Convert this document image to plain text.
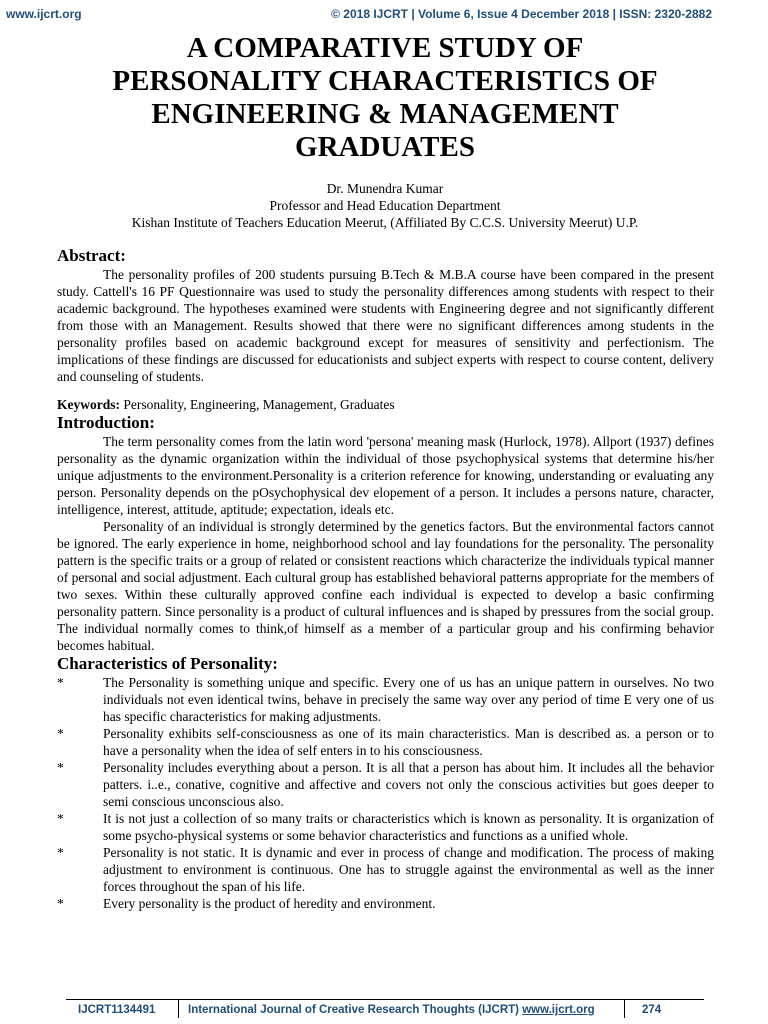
www.ijcrt.org	© 2018 IJCRT | Volume 6, Issue 4 December 2018 | ISSN: 2320-2882
A COMPARATIVE STUDY OF
PERSONALITY CHARACTERISTICS OF
ENGINEERING & MANAGEMENT
GRADUATES
Dr. Munendra Kumar
Professor and Head Education Department
Kishan Institute of Teachers Education Meerut, (Affiliated By C.C.S. University Meerut) U.P.
Abstract:

The personality profiles of 200 students pursuing B.Tech & M.B.A course have been compared in the present study. Cattell's 16 PF Questionnaire was used to study the personality differences among students with respect to their academic background. The hypotheses examined were students with Engineering degree and not significantly different from those with an Management. Results showed that there were no significant differences among students in the personality profiles based on academic background except for measures of sensitivity and perfectionism. The implications of these findings are discussed for educationists and subject experts with respect to course content, delivery and counseling of students.

Keywords: Personality, Engineering, Management, Graduates

Introduction:

The term personality comes from the latin word 'persona' meaning mask (Hurlock, 1978). Allport (1937) defines personality as the dynamic organization within the individual of those psychophysical systems that determine his/her unique adjustments to the environment.Personality is a criterion reference for knowing, understanding or evaluating any person. Personality depends on the pOsychophysical dev elopement of a person. It includes a persons nature, character, intelligence, interest, attitude, aptitude; expectation, ideals etc.

Personality of an individual is strongly determined by the genetics factors. But the environmental factors cannot be ignored. The early experience in home, neighborhood school and lay foundations for the personality. The personality pattern is the specific traits or a group of related or consistent reactions which characterize the individuals typical manner of personal and social adjustment. Each cultural group has established behavioral patterns appropriate for the members of two sexes. Within these culturally approved confine each individual is expected to develop a basic confirming personality pattern. Since personality is a product of cultural influences and is shaped by pressures from the social group. The individual normally comes to think,of himself as a member of a particular group and his confirming behavior becomes habitual.

Characteristics of Personality:
*	The Personality is something unique and specific. Every one of us has an unique pattern in ourselves. No two individuals not even identical twins, behave in precisely the same way over any period of time E very one of us has specific characteristics for making adjustments.
*	Personality exhibits self-consciousness as one of its main characteristics. Man is described as. a person or to have a personality when the idea of self enters in to his consciousness.
*	Personality includes everything about a person. It is all that a person has about him. It includes all the behavior patters. i..e., conative, cognitive and affective and covers not only the conscious activities but goes deeper to semi conscious unconscious also.
*	It is not just a collection of so many traits or characteristics which is known as personality. It is organization of some psycho-physical systems or some behavior characteristics and functions as a unified whole.
*	Personality is not static. It is dynamic and ever in process of change and modification. The process of making adjustment to environment is continuous. One has to struggle against the environmental as well as the inner forces throughout the span of his life.
*	Every personality is the product of heredity and environment.
IJCRT1134491	International Journal of Creative Research Thoughts (IJCRT) www.ijcrt.org	274
